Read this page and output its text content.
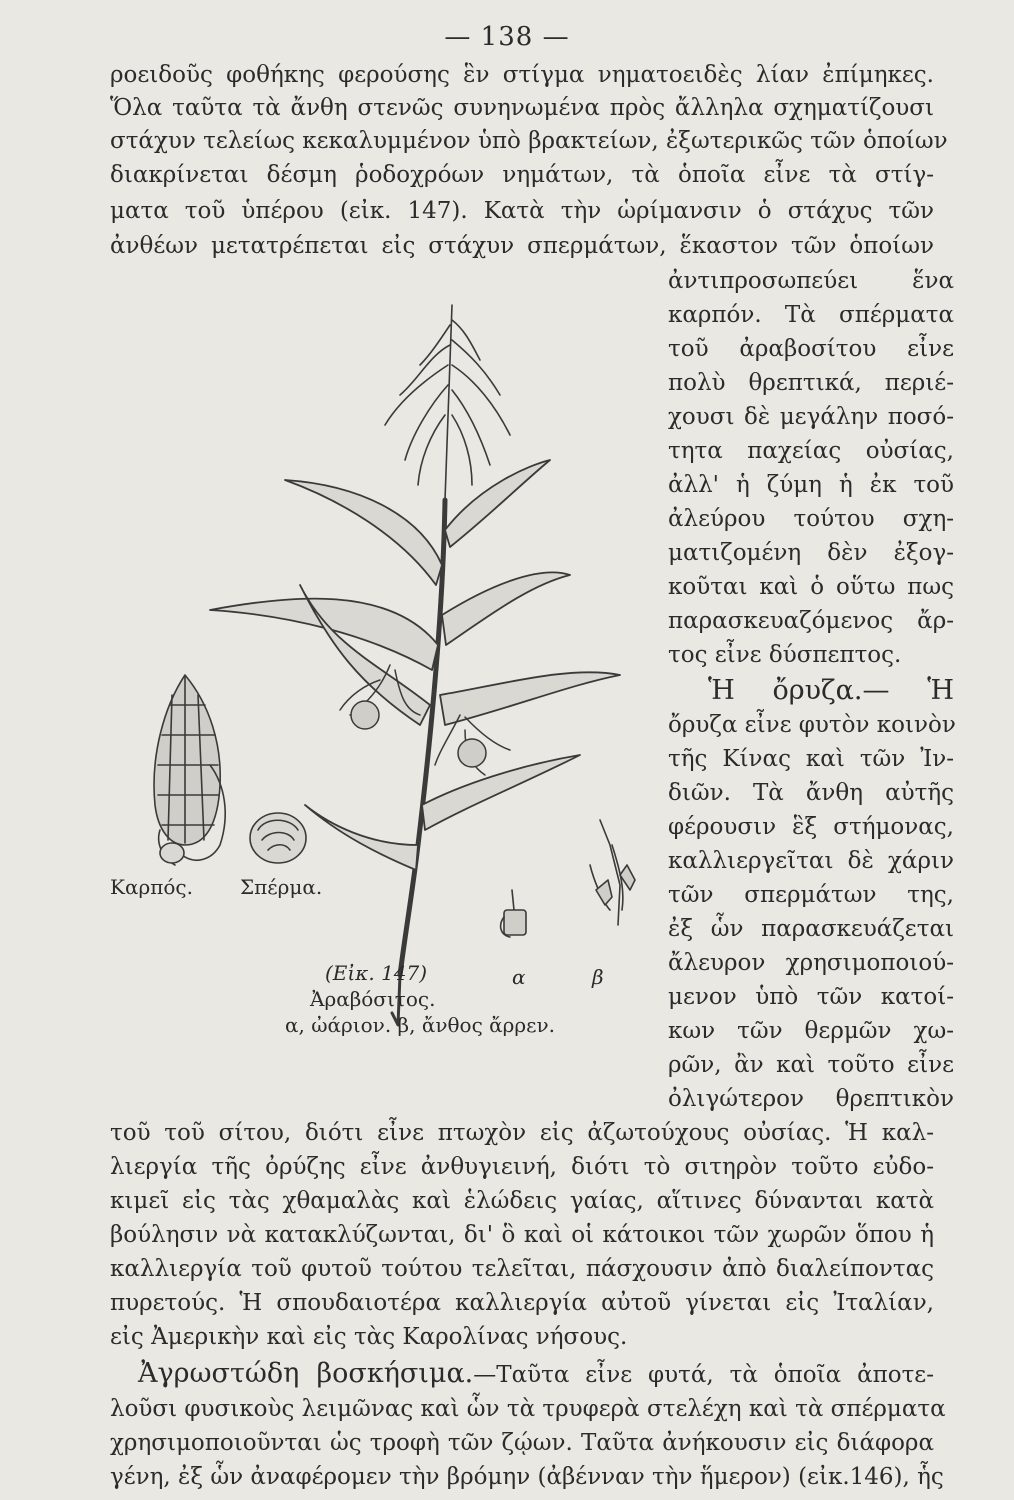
— 138 —
ροειδοῦς φοθήκης φερούσης ἓν στίγμα νηματοειδὲς λίαν ἐπίμηκες.
Ὅλα ταῦτα τὰ ἄνθη στενῶς συνηνωμένα πρὸς ἄλληλα σχηματίζουσι
στάχυν τελείως κεκαλυμμένον ὑπὸ βρακτείων, ἐξωτερικῶς τῶν ὁποίων
διακρίνεται δέσμη ῥοδοχρόων νημάτων, τὰ ὁποῖα εἶνε τὰ στίγ-
ματα τοῦ ὑπέρου (εἰκ. 147). Κατὰ τὴν ὡρίμανσιν ὁ στάχυς τῶν
ἀνθέων μετατρέπεται εἰς στάχυν σπερμάτων, ἕκαστον τῶν ὁποίων
ἀντιπροσωπεύει ἕνα
καρπόν. Τὰ σπέρματα
τοῦ ἀραβοσίτου εἶνε
πολὺ θρεπτικά, περιέ-
χουσι δὲ μεγάλην ποσό-
τητα παχείας οὐσίας,
ἀλλ' ἡ ζύμη ἡ ἐκ τοῦ
ἀλεύρου τούτου σχη-
ματιζομένη δὲν ἐξογ-
κοῦται καὶ ὁ οὕτω πως
παρασκευαζόμενος ἄρ-
τος εἶνε δύσπεπτος.
Ἡ ὄρυζα.— Ἡ
ὄρυζα εἶνε φυτὸν κοινὸν
τῆς Κίνας καὶ τῶν Ἰν-
διῶν. Τὰ ἄνθη αὐτῆς
φέρουσιν ἓξ στήμονας,
καλλιεργεῖται δὲ χάριν
τῶν σπερμάτων της,
ἐξ ὧν παρασκευάζεται
ἄλευρον χρησιμοποιού-
μενον ὑπὸ τῶν κατοί-
κων τῶν θερμῶν χω-
ρῶν, ἂν καὶ τοῦτο εἶνε
ὀλιγώτερον θρεπτικὸν
Καρπός. Σπέρμα.
α	β
(Εἰκ. 147)
Ἀραβόσιτος.
α, ὠάριον. β, ἄνθος ἄρρεν.
τοῦ τοῦ σίτου, διότι εἶνε πτωχὸν εἰς ἀζωτούχους οὐσίας. Ἡ καλ-
λιεργία τῆς ὀρύζης εἶνε ἀνθυγιεινή, διότι τὸ σιτηρὸν τοῦτο εὐδο-
κιμεῖ εἰς τὰς χθαμαλὰς καὶ ἑλώδεις γαίας, αἵτινες δύνανται κατὰ
βούλησιν νὰ κατακλύζωνται, δι' ὃ καὶ οἱ κάτοικοι τῶν χωρῶν ὅπου ἡ
καλλιεργία τοῦ φυτοῦ τούτου τελεῖται, πάσχουσιν ἀπὸ διαλείποντας
πυρετούς. Ἡ σπουδαιοτέρα καλλιεργία αὐτοῦ γίνεται εἰς Ἰταλίαν,
εἰς Ἀμερικὴν καὶ εἰς τὰς Καρολίνας νήσους.
Ἀγρωστώδη βοσκήσιμα.—Ταῦτα εἶνε φυτά, τὰ ὁποῖα ἀποτε-
λοῦσι φυσικοὺς λειμῶνας καὶ ὧν τὰ τρυφερὰ στελέχη καὶ τὰ σπέρματα
χρησιμοποιοῦνται ὡς τροφὴ τῶν ζῴων. Ταῦτα ἀνήκουσιν εἰς διάφορα
γένη, ἐξ ὧν ἀναφέρομεν τὴν βρόμην (ἀβένναν τὴν ἥμερον) (εἰκ.146), ἧς
